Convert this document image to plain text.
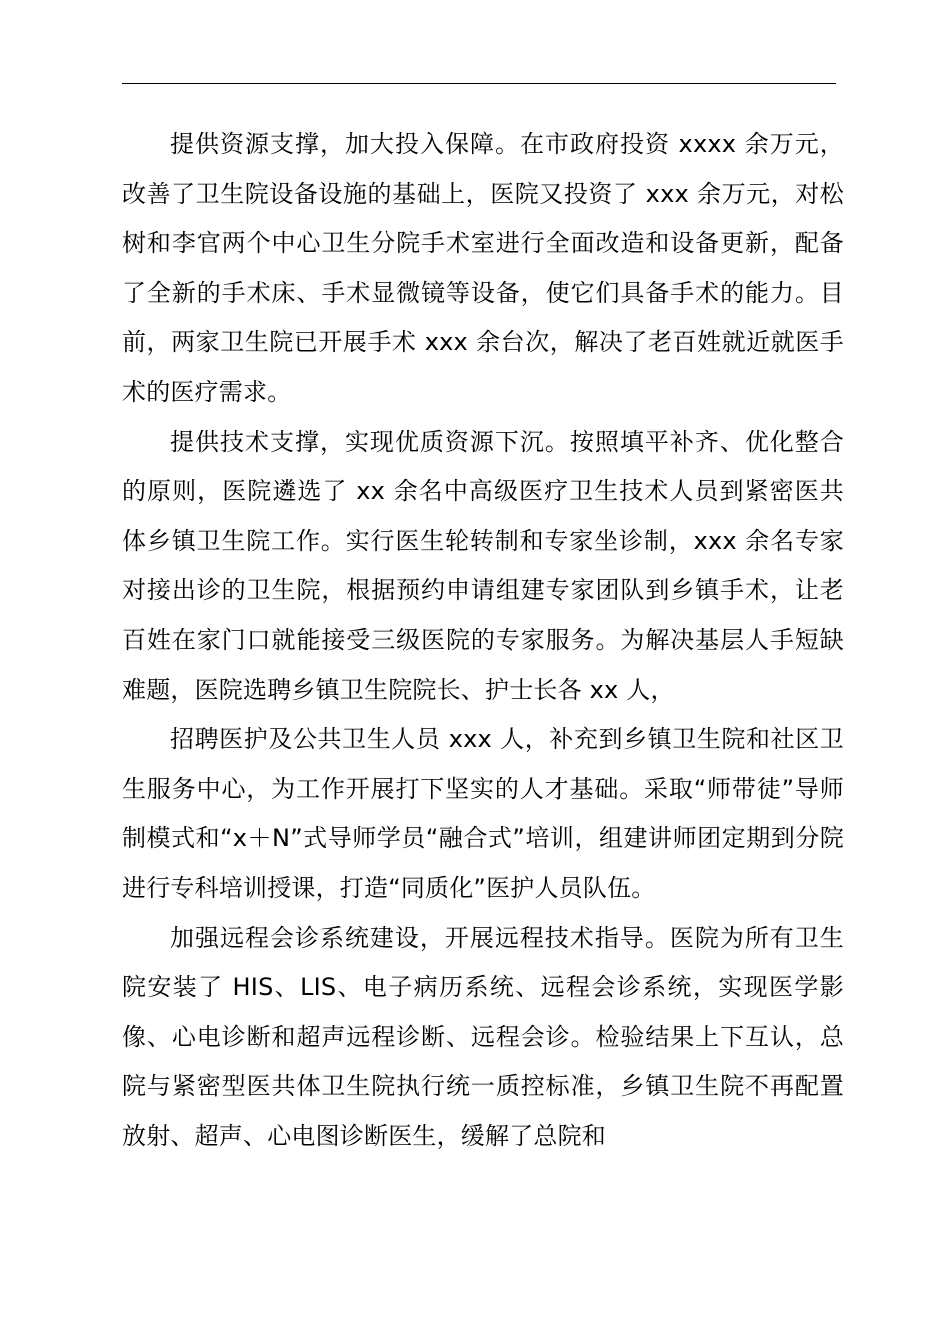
提供资源支撑，加大投入保障。在市政府投资 xxxx 余万元，改善了卫生院设备设施的基础上，医院又投资了 xxx 余万元，对松树和李官两个中心卫生分院手术室进行全面改造和设备更新，配备了全新的手术床、手术显微镜等设备，使它们具备手术的能力。目前，两家卫生院已开展手术 xxx 余台次，解决了老百姓就近就医手术的医疗需求。

提供技术支撑，实现优质资源下沉。按照填平补齐、优化整合的原则，医院遴选了 xx 余名中高级医疗卫生技术人员到紧密医共体乡镇卫生院工作。实行医生轮转制和专家坐诊制，xxx 余名专家对接出诊的卫生院，根据预约申请组建专家团队到乡镇手术，让老百姓在家门口就能接受三级医院的专家服务。为解决基层人手短缺难题，医院选聘乡镇卫生院院长、护士长各 xx 人，

招聘医护及公共卫生人员 xxx 人，补充到乡镇卫生院和社区卫生服务中心，为工作开展打下坚实的人才基础。采取“师带徒”导师制模式和“x＋N”式导师学员“融合式”培训，组建讲师团定期到分院进行专科培训授课，打造“同质化”医护人员队伍。

加强远程会诊系统建设，开展远程技术指导。医院为所有卫生院安装了 HIS、LIS、电子病历系统、远程会诊系统，实现医学影像、心电诊断和超声远程诊断、远程会诊。检验结果上下互认，总院与紧密型医共体卫生院执行统一质控标准，乡镇卫生院不再配置放射、超声、心电图诊断医生，缓解了总院和
